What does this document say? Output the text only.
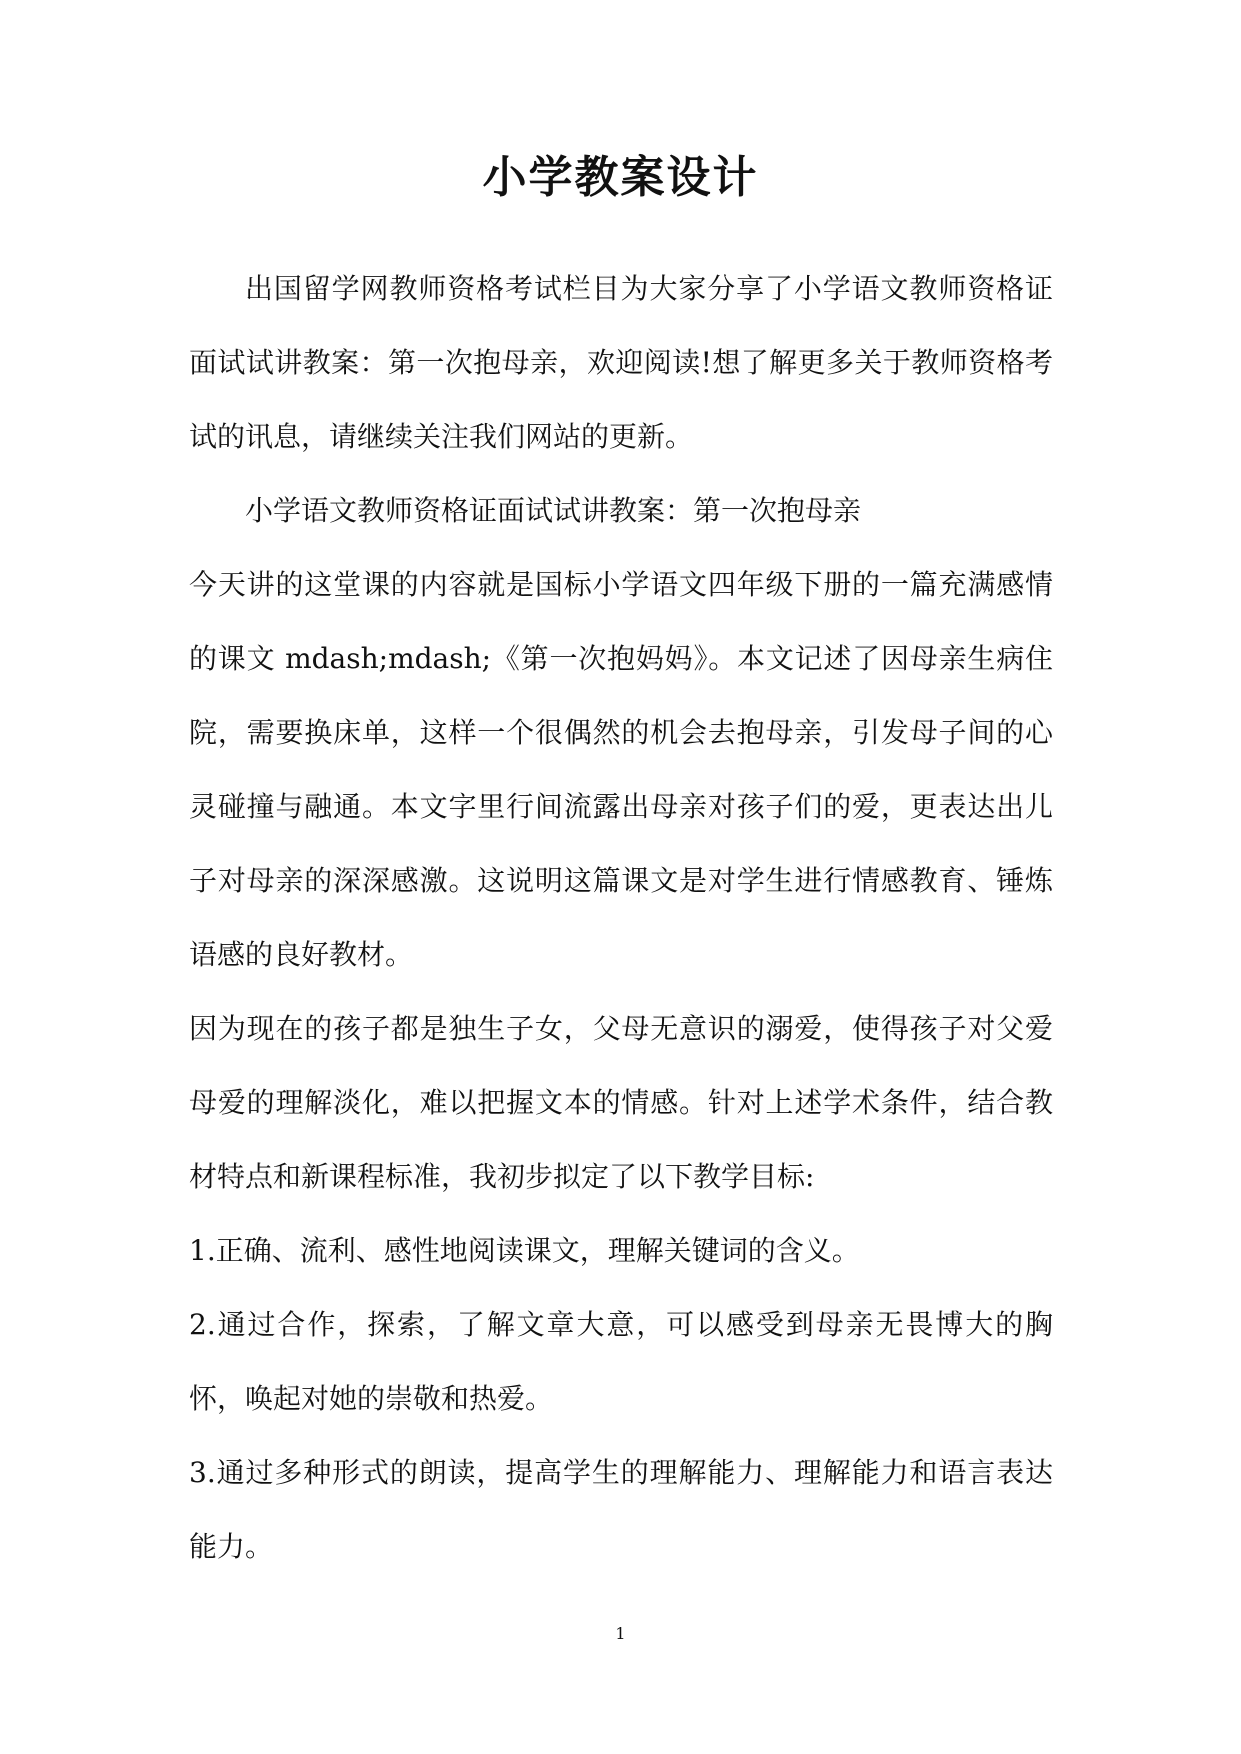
小学教案设计

出国留学网教师资格考试栏目为大家分享了小学语文教师资格证面试试讲教案：第一次抱母亲，欢迎阅读!想了解更多关于教师资格考试的讯息，请继续关注我们网站的更新。

小学语文教师资格证面试试讲教案：第一次抱母亲

今天讲的这堂课的内容就是国标小学语文四年级下册的一篇充满感情的课文 mdash;mdash;《第一次抱妈妈》。本文记述了因母亲生病住院，需要换床单，这样一个很偶然的机会去抱母亲，引发母子间的心灵碰撞与融通。本文字里行间流露出母亲对孩子们的爱，更表达出儿子对母亲的深深感激。这说明这篇课文是对学生进行情感教育、锤炼语感的良好教材。

因为现在的孩子都是独生子女，父母无意识的溺爱，使得孩子对父爱母爱的理解淡化，难以把握文本的情感。针对上述学术条件，结合教材特点和新课程标准，我初步拟定了以下教学目标:

1.正确、流利、感性地阅读课文，理解关键词的含义。

2.通过合作，探索，了解文章大意，可以感受到母亲无畏博大的胸怀，唤起对她的崇敬和热爱。

3.通过多种形式的朗读，提高学生的理解能力、理解能力和语言表达能力。

1
